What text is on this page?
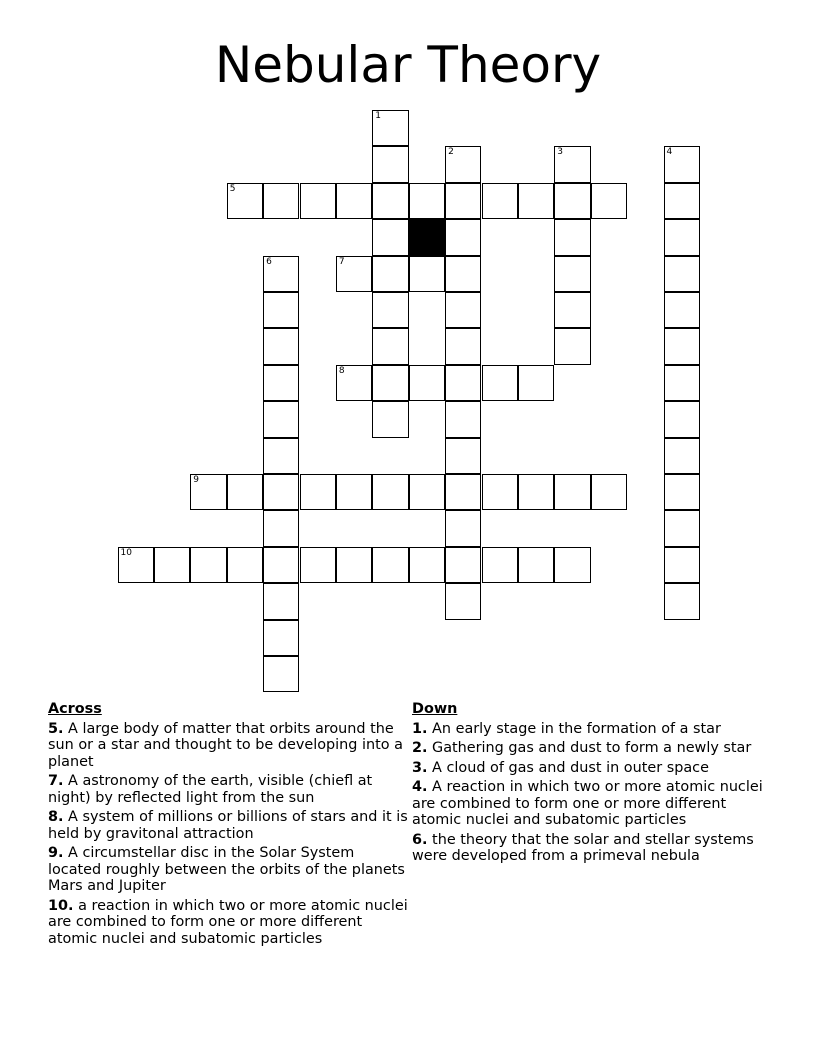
Nebular Theory
1
2	3	4
5
6	7
8
9
10
Across
5. A large body of matter that orbits around the sun or a star and thought to be developing into a planet
7. A astronomy of the earth, visible (chiefl at night) by reflected light from the sun
8. A system of millions or billions of stars and it is held by gravitonal attraction
9. A circumstellar disc in the Solar System located roughly between the orbits of the planets Mars and Jupiter
10. a reaction in which two or more atomic nuclei are combined to form one or more different atomic nuclei and subatomic particles
Down
1. An early stage in the formation of a star
2. Gathering gas and dust to form a newly star
3. A cloud of gas and dust in outer space
4. A reaction in which two or more atomic nuclei are combined to form one or more different atomic nuclei and subatomic particles
6. the theory that the solar and stellar systems were developed from a primeval nebula
